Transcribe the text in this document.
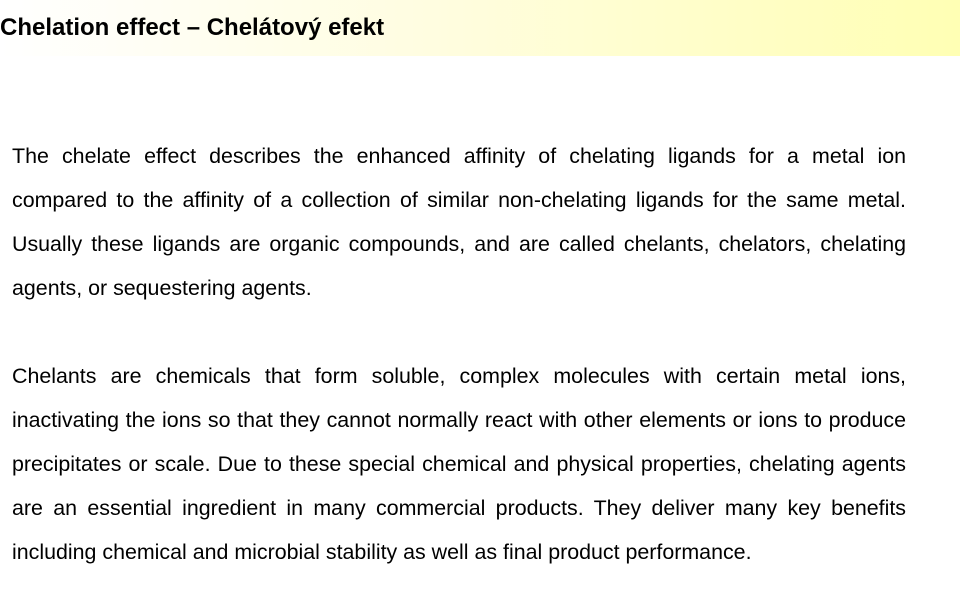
Chelation effect – Chelátový efekt

The chelate effect describes the enhanced affinity of chelating ligands for a metal ion compared to the affinity of a collection of similar non-chelating ligands for the same metal. Usually these ligands are organic compounds, and are called chelants, chelators, chelating agents, or sequestering agents.

Chelants are chemicals that form soluble, complex molecules with certain metal ions, inactivating the ions so that they cannot normally react with other elements or ions to produce precipitates or scale. Due to these special chemical and physical properties, chelating agents are an essential ingredient in many commercial products. They deliver many key benefits including chemical and microbial stability as well as final product performance.
